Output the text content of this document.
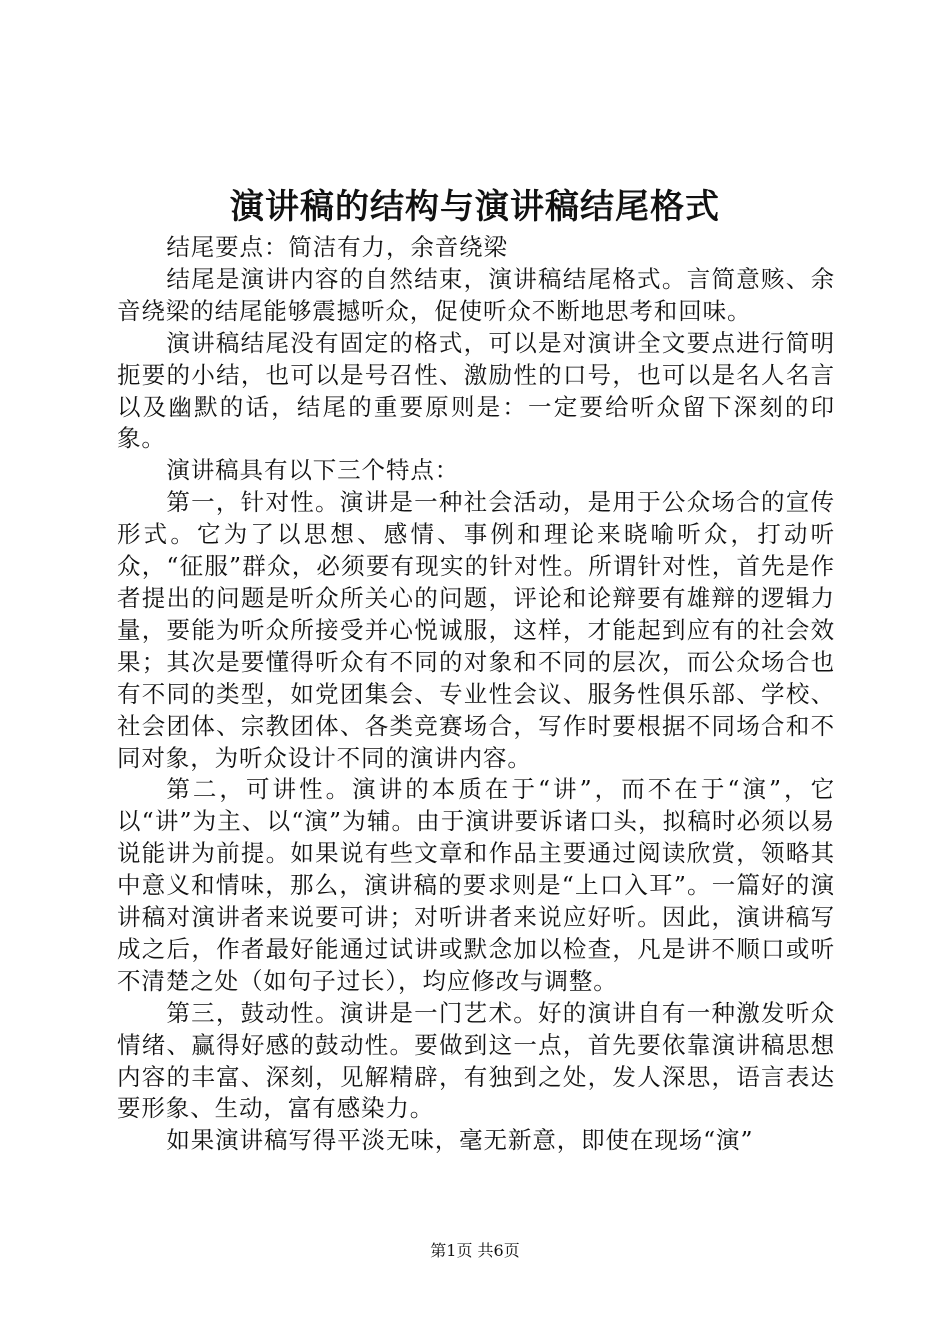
演讲稿的结构与演讲稿结尾格式

结尾要点：简洁有力，余音绕梁

结尾是演讲内容的自然结束，演讲稿结尾格式。言简意赅、余音绕梁的结尾能够震撼听众，促使听众不断地思考和回味。

演讲稿结尾没有固定的格式，可以是对演讲全文要点进行简明扼要的小结，也可以是号召性、激励性的口号，也可以是名人名言以及幽默的话，结尾的重要原则是：一定要给听众留下深刻的印象。

演讲稿具有以下三个特点：

第一，针对性。演讲是一种社会活动，是用于公众场合的宣传形式。它为了以思想、感情、事例和理论来晓喻听众，打动听众，“征服”群众，必须要有现实的针对性。所谓针对性，首先是作者提出的问题是听众所关心的问题，评论和论辩要有雄辩的逻辑力量，要能为听众所接受并心悦诚服，这样，才能起到应有的社会效果；其次是要懂得听众有不同的对象和不同的层次，而公众场合也有不同的类型，如党团集会、专业性会议、服务性俱乐部、学校、社会团体、宗教团体、各类竞赛场合，写作时要根据不同场合和不同对象，为听众设计不同的演讲内容。

第二，可讲性。演讲的本质在于“讲”，而不在于“演”，它以“讲”为主、以“演”为辅。由于演讲要诉诸口头，拟稿时必须以易说能讲为前提。如果说有些文章和作品主要通过阅读欣赏，领略其中意义和情味，那么，演讲稿的要求则是“上口入耳”。一篇好的演讲稿对演讲者来说要可讲；对听讲者来说应好听。因此，演讲稿写成之后，作者最好能通过试讲或默念加以检查，凡是讲不顺口或听不清楚之处（如句子过长），均应修改与调整。

第三，鼓动性。演讲是一门艺术。好的演讲自有一种激发听众情绪、赢得好感的鼓动性。要做到这一点，首先要依靠演讲稿思想内容的丰富、深刻，见解精辟，有独到之处，发人深思，语言表达要形象、生动，富有感染力。

如果演讲稿写得平淡无味，毫无新意，即使在现场“演”

第1页 共6页
